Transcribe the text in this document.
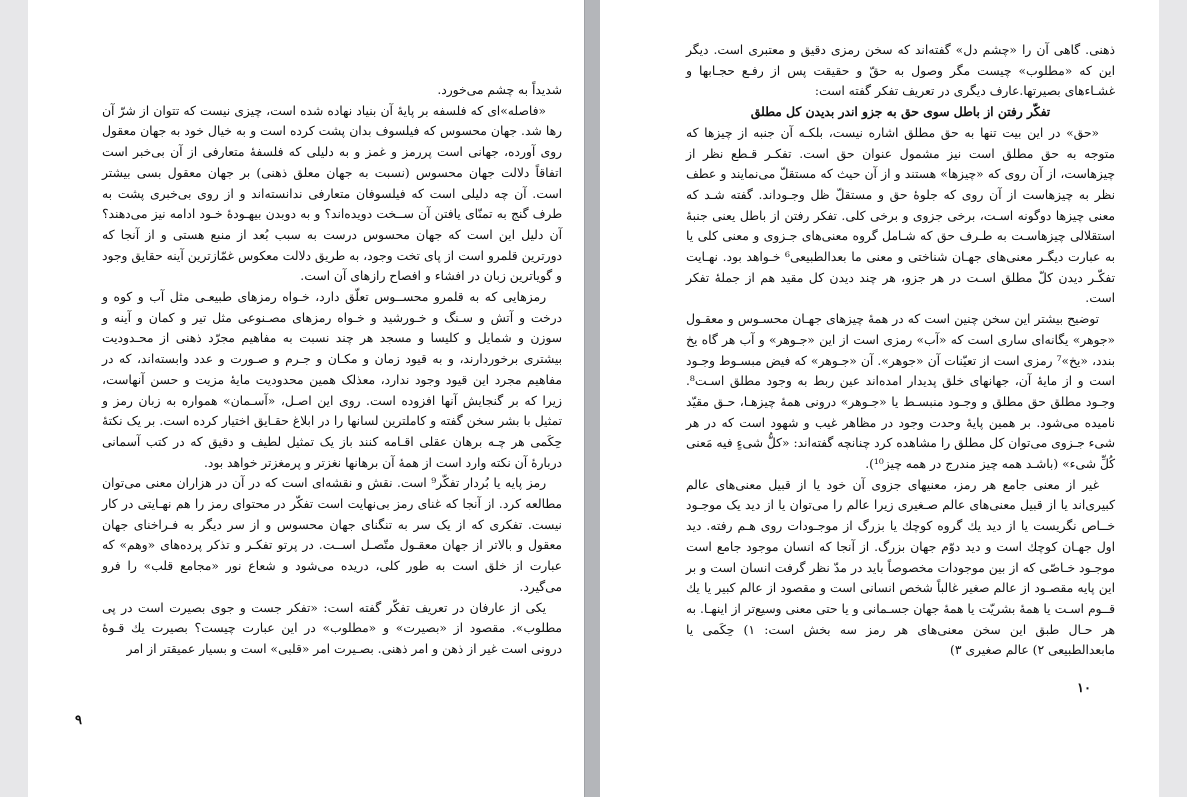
شدیداً به چشم می‌خورد.

«فاصله»ای که فلسفه بر پایهٔ آن بنیاد نهاده شده است، چیزی نیست که تتوان از شرّ آن رها شد. جهان محسوس که فیلسوف بدان پشت کرده است و به خیال خود به جهان معقول روی آورده، جهانی است پررمز و غمز و به دلیلی که فلسفهٔ متعارفی از آن بی‌خبر است اتفاقاً دلالت جهان محسوس (نسبت به جهان معلق ذهنی) بر جهان معقول بسی بیشتر است. آن چه دلیلی است که فیلسوفان متعارفی ندانسته‌اند و از روی بی‌خبری پشت به طرف گنج به تمنّای یافتن آن ســخت دویده‌اند؟ و به دوبدن بیهـودهٔ خـود ادامه نیز می‌دهند؟ آن دلیل این است که جهان محسوس درست به سبب بُعد از منبع هستی و از آنجا که دورترین قلمرو است از پای تخت وجود، به طریق دلالت معکوس غمّازترین آینه حقایق وجود و گویاترین زبان در افشاء و افصاح رازهای آن است.

رمزهایی که به قلمرو محســوس تعلّق دارد، خـواه رمزهای طبیعـی مثل آب و کوه و درخت و آتش و سـنگ و خـورشید و خـواه رمزهای مصـنوعی مثل تیر و کمان و آینه و سوزن و شمایل و کلیسا و مسجد هر چند نسبت به مفاهیم مجرّد ذهنی از محـدودیت بیشتری برخوردارند، و به قیود زمان و مکـان و جـرم و صـورت و عدد وابسته‌اند، که در مفاهیم مجرد این قیود وجود ندارد، معذلک همین محدودیت مایهٔ مزیت و حسن آنهاست، زیرا که بر گنجایش آنها افزوده است. روی این اصـل، «آسـمان» همواره به زبان رمز و تمثیل با بشر سخن گفته و کاملترین لسانها را در ابلاغ حقـایق اختیار کرده است. بر یک نکتهٔ حِکَمی هر چـه برهان عقلی اقـامه کنند باز یک تمثیل لطیف و دقیق که در کتب آسمانی دربارهٔ آن نکته وارد است از همهٔ آن برهانها نغزتر و پرمغزتر خواهد بود.

رمز پایه یا بُردار تفکّر⁹ است. نقش و نقشه‌ای است که در آن در هزاران معنی می‌توان مطالعه کرد. از آنجا که غنای رمز بی‌نهایت است تفکّر در محتوای رمز را هم نهـایتی در کار نیست. تفکری که از یک سر به تنگنای جهان محسوس و از سر دیگر به فـراخنای جهان معقول و بالاتر از جهان معقـول متّصـل اســت. در پرتو تفکـر و تذکر پرده‌های «وهم» که عبارت از خلق است به طور کلی، دریده می‌شود و شعاع نور «مجامع قلب» را فرو می‌گیرد.

یکی از عارفان در تعریف تفکّر گفته است: «تفکر جست و جوی بصیرت است در پی مطلوب». مقصود از «بصیرت» و «مطلوب» در این عبارت چیست؟ بصیرت یك قـوهٔ درونی است غیر از ذهن و امر ذهنی. بصـیرت امر «قلبی» است و بسیار عمیقتر از امر

۹

ذهنی. گاهی آن را «چشم دل» گفته‌اند که سخن رمزی دقیق و معتبری است. دیگر این که «مطلوب» چیست مگر وصول به حقّ و حقیقت پس از رفـع حجـابها و غشـاءهای بصیرتها.عارف دیگری در تعریف تفکر گفته است:

تفکّر رفتن از باطل سوی حق به جزو اندر بدیدن کل مطلق

«حق» در این بیت تنها به حق مطلق اشاره نیست، بلکـه آن جنبه از چیزها که متوجه به حق مطلق است نیز مشمول عنوان حق است. تفکـر قـطع نظر از چیزهاست، از آن روی که «چیزها» هستند و از آن حیث که مستقلّ می‌نمایند و عطف نظر به چیزهاست از آن روی که جلوهٔ حق و مستقلّ ظل وجـوداند. گفته شـد که معنی چیزها دوگونه اسـت، برخی جزوی و برخی کلی. تفکر رفتن از باطل یعنی جنبهٔ استقلالی چیزهاسـت به طـرف حق که شـامل گروه معنی‌های جـزوی و معنی کلی یا به عبارت دیگـر معنی‌های جهـان شناختی و معنی ما بعدالطبیعی⁶ خـواهد بود. نهـایت تفکّـر دیدن کلّ مطلق اسـت در هر جزو، هر چند دیدن کل مقید هم از جملهٔ تفکر است.

توضیح بیشتر این سخن چنین است که در همهٔ چیزهای جهـان محسـوس و معقـول «جوهر» یگانه‌ای ساری است که «آب» رمزی است از این «جـوهر» و آب هر گاه یخ بندد، «یخ»⁷ رمزی است از تعیّنات آن «جوهر». آن «جـوهر» که فیض مبسـوط وجـود است و از مایهٔ آن، جهانهای خلق پدیدار امده‌اند عین ربط به وجود مطلق اسـت⁸. وجـود مطلق حق مطلق و وجـود منبسـط یا «جـوهر» درونی همهٔ چیزهـا، حـق مقیّد نامیده می‌شود. بر همین پایهٔ وحدت وجود در مظاهر غیب و شهود است که در هر شیء جـزوی می‌توان کل مطلق را مشاهده کرد چنانچه گفته‌اند: «کلُّ شیءٍ فیه مَعنی کُلِّ شیء» (باشـد همه چیز مندرج در همه چیز¹⁰).

غیر از معنی جامع هر رمز، معنیهای جزوی آن خود یا از قبیل معنی‌های عالم کبیری‌اند یا از قبیل معنی‌های عالم صـغیری زیرا عالم را می‌توان یا از دید یک موجـود خــاص نگریست یا از دید یك گروه کوچك یا بزرگ از موجـودات روی هـم رفته. دید اول جهـان کوچك است و دید دوّم جهان بزرگ. از آنجا که انسان موجود جامع است موجـود خـاصّی که از بین موجودات مخصوصاً باید در مدّ نظر گرفت انسان است و بر این پایه مقصـود از عالم صغیر غالباً شخص انسانی است و مقصود از عالم کبیر یا یك قــوم اسـت یا همهٔ بشریّت یا همهٔ جهان جسـمانی و یا حتی معنی وسیع‌تر از اینهـا. به هر حـال طبق این سخن معنی‌های هر رمز سه بخش است: ۱) حِکَمی یا مابعدالطبیعی ۲) عالم صغیری ۳)

۱۰
